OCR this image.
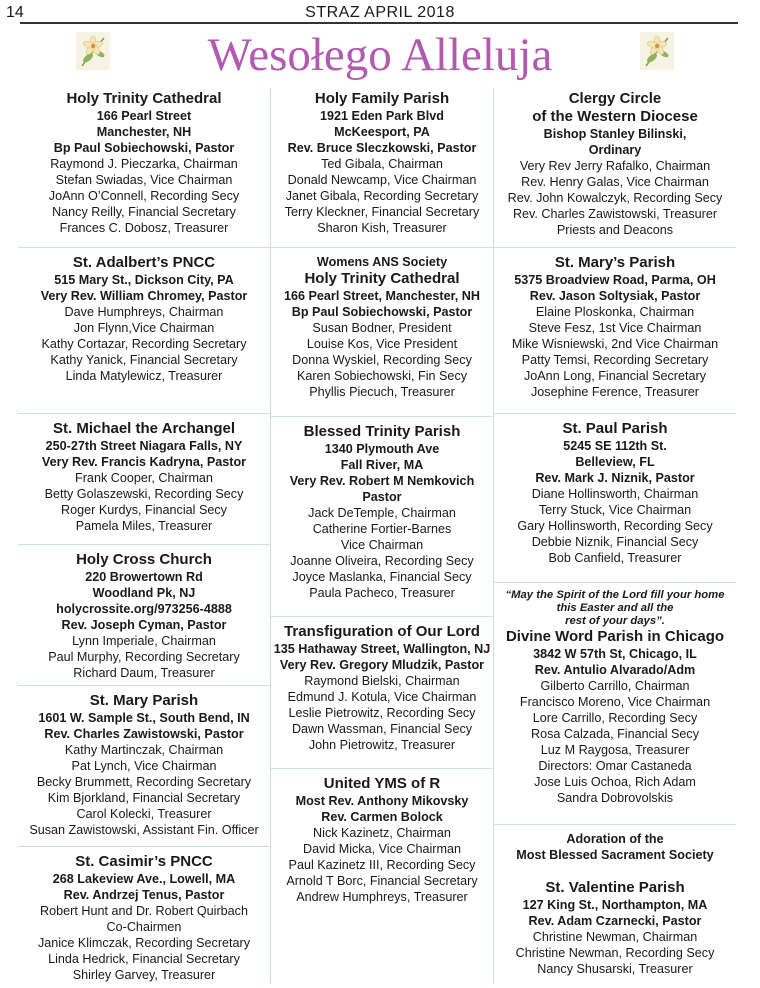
14	STRAZ APRIL 2018
Wesołego Alleluja
Holy Trinity Cathedral
166 Pearl Street
Manchester, NH
Bp Paul Sobiechowski, Pastor
Raymond J. Pieczarka, Chairman
Stefan Swiadas, Vice Chairman
JoAnn O’Connell, Recording Secy
Nancy Reilly, Financial Secretary
Frances C. Dobosz, Treasurer
St. Adalbert’s PNCC
515 Mary St., Dickson City, PA
Very Rev. William Chromey, Pastor
Dave Humphreys, Chairman
Jon Flynn,Vice Chairman
Kathy Cortazar, Recording Secretary
Kathy Yanick, Financial Secretary
Linda Matylewicz, Treasurer
St. Michael the Archangel
250-27th Street Niagara Falls, NY
Very Rev. Francis Kadryna, Pastor
Frank Cooper, Chairman
Betty Golaszewski, Recording Secy
Roger Kurdys, Financial Secy
Pamela Miles, Treasurer
Holy Cross Church
220 Browertown Rd
Woodland Pk, NJ
holycrossite.org/973256-4888
Rev. Joseph Cyman, Pastor
Lynn Imperiale, Chairman
Paul Murphy, Recording Secretary
Richard Daum, Treasurer
St. Mary Parish
1601 W. Sample St., South Bend, IN
Rev. Charles Zawistowski, Pastor
Kathy Martinczak, Chairman
Pat Lynch, Vice Chairman
Becky Brummett, Recording Secretary
Kim Bjorkland, Financial Secretary
Carol Kolecki, Treasurer
Susan Zawistowski, Assistant Fin. Officer
St. Casimir’s PNCC
268 Lakeview Ave., Lowell, MA
Rev. Andrzej Tenus, Pastor
Robert Hunt and Dr. Robert Quirbach
Co-Chairmen
Janice Klimczak, Recording Secretary
Linda Hedrick, Financial Secretary
Shirley Garvey, Treasurer
Holy Family Parish
1921 Eden Park Blvd
McKeesport, PA
Rev. Bruce Sleczkowski, Pastor
Ted Gibala, Chairman
Donald Newcamp, Vice Chairman
Janet Gibala, Recording Secretary
Terry Kleckner, Financial Secretary
Sharon Kish, Treasurer
Womens ANS Society
Holy Trinity Cathedral
166 Pearl Street, Manchester, NH
Bp Paul Sobiechowski, Pastor
Susan Bodner, President
Louise Kos, Vice President
Donna Wyskiel, Recording Secy
Karen Sobiechowski, Fin Secy
Phyllis Piecuch, Treasurer
Blessed Trinity Parish
1340 Plymouth Ave
Fall River, MA
Very Rev. Robert M Nemkovich
Pastor
Jack DeTemple, Chairman
Catherine Fortier-Barnes
Vice Chairman
Joanne Oliveira, Recording Secy
Joyce Maslanka, Financial Secy
Paula Pacheco, Treasurer
Transfiguration of Our Lord
135 Hathaway Street, Wallington, NJ
Very Rev. Gregory Mludzik, Pastor
Raymond Bielski, Chairman
Edmund J. Kotula, Vice Chairman
Leslie Pietrowitz, Recording Secy
Dawn Wassman, Financial Secy
John Pietrowitz, Treasurer
United YMS of R
Most Rev. Anthony Mikovsky
Rev. Carmen Bolock
Nick Kazinetz, Chairman
David Micka, Vice Chairman
Paul Kazinetz III, Recording Secy
Arnold T Borc, Financial Secretary
Andrew Humphreys, Treasurer
Clergy Circle
of the Western Diocese
Bishop Stanley Bilinski,
Ordinary
Very Rev Jerry Rafalko, Chairman
Rev. Henry Galas, Vice Chairman
Rev. John Kowalczyk, Recording Secy
Rev. Charles Zawistowski, Treasurer
Priests and Deacons
St. Mary’s Parish
5375 Broadview Road, Parma, OH
Rev. Jason Soltysiak, Pastor
Elaine Ploskonka, Chairman
Steve Fesz, 1st Vice Chairman
Mike Wisniewski, 2nd Vice Chairman
Patty Temsi, Recording Secretary
JoAnn Long, Financial Secretary
Josephine Ference, Treasurer
St. Paul Parish
5245 SE 112th St.
Belleview, FL
Rev. Mark J. Niznik, Pastor
Diane Hollinsworth, Chairman
Terry Stuck, Vice Chairman
Gary Hollinsworth, Recording Secy
Debbie Niznik, Financial Secy
Bob Canfield, Treasurer
“May the Spirit of the Lord fill your home
this Easter and all the
rest of your days”.
Divine Word Parish in Chicago
3842 W 57th St, Chicago, IL
Rev. Antulio Alvarado/Adm
Gilberto Carrillo, Chairman
Francisco Moreno, Vice Chairman
Lore Carrillo, Recording Secy
Rosa Calzada, Financial Secy
Luz M Raygosa, Treasurer
Directors: Omar Castaneda
Jose Luis Ochoa, Rich Adam
Sandra Dobrovolskis
Adoration of the
Most Blessed Sacrament Society

St. Valentine Parish
127 King St., Northampton, MA
Rev. Adam Czarnecki, Pastor
Christine Newman, Chairman
Christine Newman, Recording Secy
Nancy Shusarski, Treasurer
